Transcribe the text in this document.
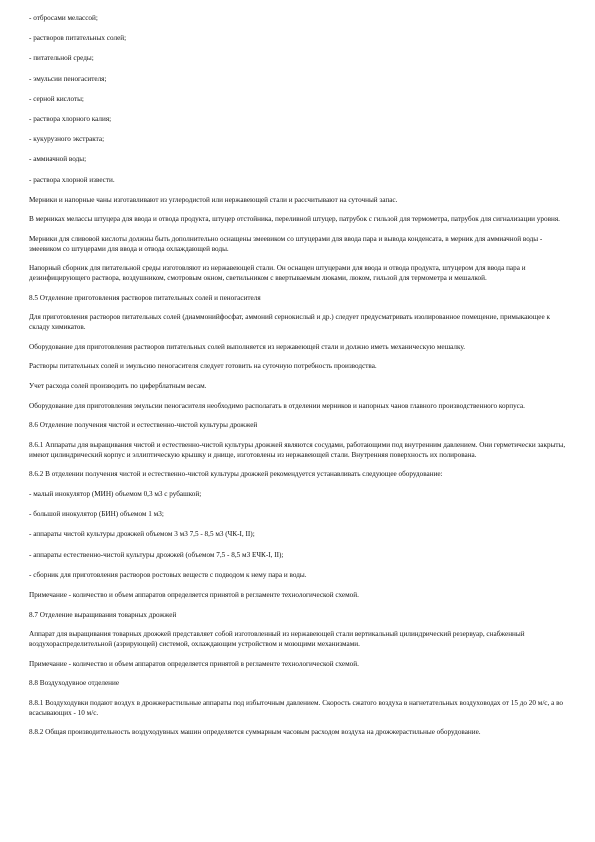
- отбросами мелассой;

- растворов питательных солей;

- питательной среды;

- эмульсии пеногасителя;

- серной кислоты;

- раствора хлорного калия;

- кукурузного экстракта;

- аммиачной воды;

- раствора хлорной извести.

Мерники и напорные чаны изготавливают из углеродистой или нержавеющей стали и рассчитывают на суточный запас.

В мерниках мелассы штуцера для ввода и отвода продукта, штуцер отстойника, переливной штуцер, патрубок с гильзой для термометра, патрубок для сигнализации уровня.

Мерники для сливовой кислоты должны быть дополнительно оснащены змеевиком со штуцерами для ввода пара и вывода конденсата, в мерник для аммиачной воды - змеевиком со штуцерами для ввода и отвода охлаждающей воды.

Напорный сборник для питательной среды изготовляют из нержавеющей стали. Он оснащен штуцерами для ввода и отвода продукта, штуцером для ввода пара и дезинфицирующего раствора, воздушником, смотровым окном, светильником с ввертываемым люками, люком, гильзой для термометра и мешалкой.

8.5 Отделение приготовления растворов питательных солей и пеногасителя

Для приготовления растворов питательных солей (диаммонийфосфат, аммоний сернокислый и др.) следует предусматривать изолированное помещение, примыкающее к складу химикатов.

Оборудование для приготовления растворов питательных солей выполняется из нержавеющей стали и должно иметь механическую мешалку.

Растворы питательных солей и эмульсию пеногасителя следует готовить на суточную потребность производства.

Учет расхода солей производить по циферблатным весам.

Оборудование для приготовления эмульсии пеногасителя необходимо располагать в отделении мерников и напорных чанов главного производственного корпуса.

8.6 Отделение получения чистой и естественно-чистой культуры дрожжей

8.6.1 Аппараты для выращивания чистой и естественно-чистой культуры дрожжей являются сосудами, работающими под внутренним давлением. Они герметически закрыты, имеют цилиндрический корпус и эллиптическую крышку и днище, изготовлены из нержавеющей стали. Внутренняя поверхность их полирована.

8.6.2 В отделении получения чистой и естественно-чистой культуры дрожжей рекомендуется устанавливать следующее оборудование:

- малый инокулятор (МИН) объемом 0,3 м3 с рубашкой;

- большой инокулятор (БИН) объемом 1 м3;

- аппараты чистой культуры дрожжей объемом 3 м3 7,5 - 8,5 м3 (ЧК-I, II);

- аппараты естественно-чистой культуры дрожжей (объемом 7,5 - 8,5 м3 ЕЧК-I, II);

- сборник для приготовления растворов ростовых веществ с подводом к нему пара и воды.

Примечание - количество и объем аппаратов определяется принятой в регламенте технологической схемой.

8.7 Отделение выращивания товарных дрожжей

Аппарат для выращивания товарных дрожжей представляет собой изготовленный из нержавеющей стали вертикальный цилиндрический резервуар, снабженный воздухораспределительной (аэрирующей) системой, охлаждающим устройством и моющими механизмами.

Примечание - количество и объем аппаратов определяется принятой в регламенте технологической схемой.

8.8 Воздуходувное отделение

8.8.1 Воздуходувки подают воздух в дрожжерастильные аппараты под избыточным давлением. Скорость сжатого воздуха в нагнетательных воздуховодах от 15 до 20 м/с, а во всасывающих - 10 м/с.

8.8.2 Общая производительность воздуходувных машин определяется суммарным часовым расходом воздуха на дрожжерастильные оборудование.
